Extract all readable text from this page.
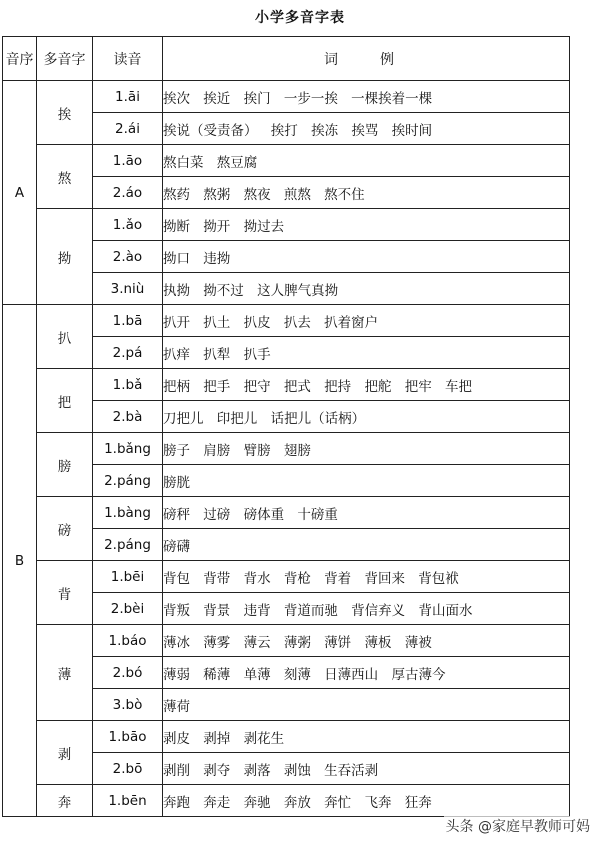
小学多音字表
音序	多音字	读音	词　例
A	挨	1.āi	挨次 挨近 挨门 一步一挨 一棵挨着一棵
		2.ái	挨说（受责备） 挨打 挨冻 挨骂 挨时间
	熬	1.āo	熬白菜 熬豆腐
		2.áo	熬药 熬粥 熬夜 煎熬 熬不住
	拗	1.ǎo	拗断 拗开 拗过去
		2.ào	拗口 违拗
		3.niù	执拗 拗不过 这人脾气真拗
B	扒	1.bā	扒开 扒土 扒皮 扒去 扒着窗户
		2.pá	扒痒 扒犁 扒手
	把	1.bǎ	把柄 把手 把守 把式 把持 把舵 把牢 车把
		2.bà	刀把儿 印把儿 话把儿（话柄）
	膀	1.bǎng	膀子 肩膀 臂膀 翅膀
		2.páng	膀胱
	磅	1.bàng	磅秤 过磅 磅体重 十磅重
		2.páng	磅礴
	背	1.bēi	背包 背带 背水 背枪 背着 背回来 背包袱
		2.bèi	背叛 背景 违背 背道而驰 背信弃义 背山面水
	薄	1.báo	薄冰 薄雾 薄云 薄粥 薄饼 薄板 薄被
		2.bó	薄弱 稀薄 单薄 刻薄 日薄西山 厚古薄今
		3.bò	薄荷
	剥	1.bāo	剥皮 剥掉 剥花生
		2.bō	剥削 剥夺 剥落 剥蚀 生吞活剥
	奔	1.bēn	奔跑 奔走 奔驰 奔放 奔忙 飞奔 狂奔
头条 @家庭早教师可妈
